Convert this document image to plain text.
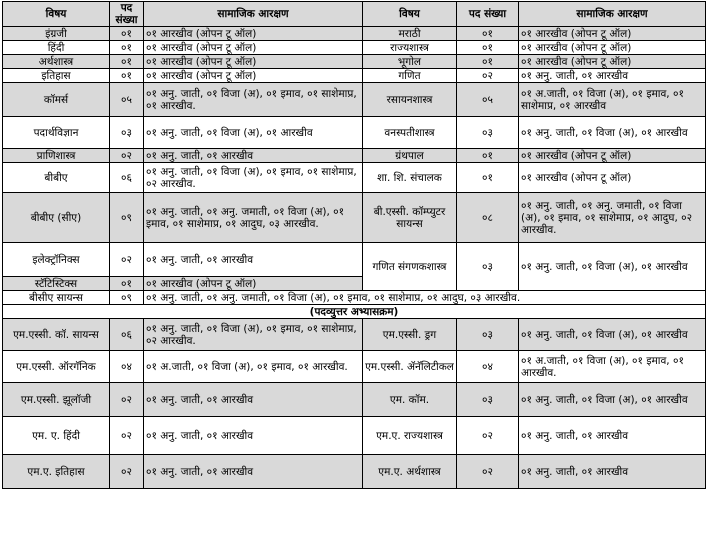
विषय	पद संख्या	सामाजिक आरक्षण	विषय	पद संख्या	सामाजिक आरक्षण
इंग्रजी	०१	०१ आरखीव (ओपन टू ऑल)	मराठी	०१	०१ आरखीव (ओपन टू ऑल)
हिंदी	०१	०१ आरखीव (ओपन टू ऑल)	राज्यशास्त्र	०१	०१ आरखीव (ओपन टू ऑल)
अर्थशास्त्र	०१	०१ आरखीव (ओपन टू ऑल)	भूगोल	०१	०१ आरखीव (ओपन टू ऑल)
इतिहास	०१	०१ आरखीव (ओपन टू ऑल)	गणित	०२	०१ अनु. जाती, ०१ आरखीव
कॉमर्स	०५	०१ अनु. जाती, ०१ विजा (अ), ०१ इमाव, ०१ साशेमाप्र, ०१ आरखीव.	रसायनशास्त्र	०५	०१ अ.जाती, ०१ विजा (अ), ०१ इमाव, ०१ साशेमाप्र, ०१ आरखीव
पदार्थविज्ञान	०३	०१ अनु. जाती, ०१ विजा (अ), ०१ आरखीव	वनस्पतीशास्त्र	०३	०१ अनु. जाती, ०१ विजा (अ), ०१ आरखीव
प्राणिशास्त्र	०२	०१ अनु. जाती, ०१ आरखीव	ग्रंथपाल	०१	०१ आरखीव (ओपन टू ऑल)
बीबीए	०६	०१ अनु. जाती, ०१ विजा (अ), ०१ इमाव, ०१ साशेमाप्र, ०२ आरखीव.	शा. शि. संचालक	०१	०१ आरखीव (ओपन टू ऑल)
बीबीए (सीए)	०९	०१ अनु. जाती, ०१ अनु. जमाती, ०१ विजा (अ), ०१ इमाव, ०१ साशेमाप्र, ०१ आदुघ, ०३ आरखीव.	बी.एस्सी. कॉम्प्युटर सायन्स	०८	०१ अनु. जाती, ०१ अनु. जमाती, ०१ विजा (अ), ०१ इमाव, ०१ साशेमाप्र, ०१ आदुघ, ०२ आरखीव.
इलेक्ट्रॉनिक्स	०२	०१ अनु. जाती, ०१ आरखीव	गणित संगणकशास्त्र	०३	०१ अनु. जाती, ०१ विजा (अ), ०१ आरखीव
स्टॅटिस्टिक्स	०१	०१ आरखीव (ओपन टू ऑल)			
बीसीए सायन्स	०९	०१ अनु. जाती, ०१ अनु. जमाती, ०१ विजा (अ), ०१ इमाव, ०१ साशेमाप्र, ०१ आदुघ, ०३ आरखीव.			
(पदव्युत्तर अभ्यासक्रम)					
एम.एस्सी. कॉ. सायन्स	०६	०१ अनु. जाती, ०१ विजा (अ), ०१ इमाव, ०१ साशेमाप्र, ०२ आरखीव.	एम.एस्सी. ड्रग	०३	०१ अनु. जाती, ०१ विजा (अ), ०१ आरखीव
एम.एस्सी. ऑरगॅनिक	०४	०१ अ.जाती, ०१ विजा (अ), ०१ इमाव, ०१ आरखीव.	एम.एस्सी. ॲनॅलिटीकल	०४	०१ अ.जाती, ०१ विजा (अ), ०१ इमाव, ०१ आरखीव.
एम.एस्सी. झूलॉजी	०२	०१ अनु. जाती, ०१ आरखीव	एम. कॉम.	०३	०१ अनु. जाती, ०१ विजा (अ), ०१ आरखीव
एम. ए. हिंदी	०२	०१ अनु. जाती, ०१ आरखीव	एम.ए. राज्यशास्त्र	०२	०१ अनु. जाती, ०१ आरखीव
एम.ए. इतिहास	०२	०१ अनु. जाती, ०१ आरखीव	एम.ए. अर्थशास्त्र	०२	०१ अनु. जाती, ०१ आरखीव
